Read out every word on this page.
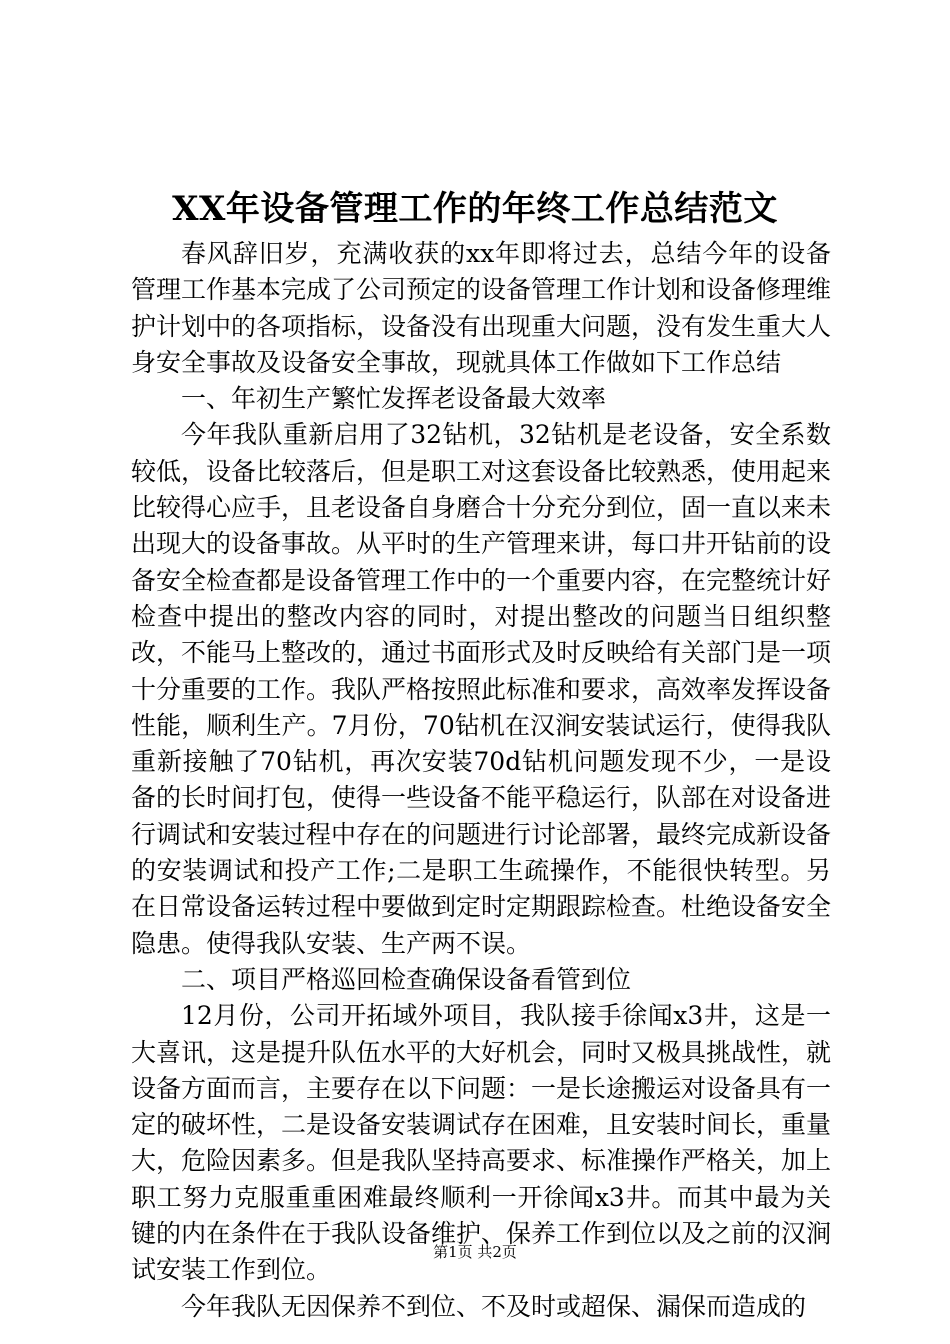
XX年设备管理工作的年终工作总结范文

春风辞旧岁，充满收获的xx年即将过去，总结今年的设备管理工作基本完成了公司预定的设备管理工作计划和设备修理维护计划中的各项指标，设备没有出现重大问题，没有发生重大人身安全事故及设备安全事故，现就具体工作做如下工作总结

一、年初生产繁忙发挥老设备最大效率

今年我队重新启用了32钻机，32钻机是老设备，安全系数较低，设备比较落后，但是职工对这套设备比较熟悉，使用起来比较得心应手，且老设备自身磨合十分充分到位，固一直以来未出现大的设备事故。从平时的生产管理来讲，每口井开钻前的设备安全检查都是设备管理工作中的一个重要内容，在完整统计好检查中提出的整改内容的同时，对提出整改的问题当日组织整改，不能马上整改的，通过书面形式及时反映给有关部门是一项十分重要的工作。我队严格按照此标准和要求，高效率发挥设备性能，顺利生产。7月份，70钻机在汉涧安装试运行，使得我队重新接触了70钻机，再次安装70d钻机问题发现不少，一是设备的长时间打包，使得一些设备不能平稳运行，队部在对设备进行调试和安装过程中存在的问题进行讨论部署，最终完成新设备的安装调试和投产工作;二是职工生疏操作，不能很快转型。另在日常设备运转过程中要做到定时定期跟踪检查。杜绝设备安全隐患。使得我队安装、生产两不误。

二、项目严格巡回检查确保设备看管到位

12月份，公司开拓域外项目，我队接手徐闻x3井，这是一大喜讯，这是提升队伍水平的大好机会，同时又极具挑战性，就设备方面而言，主要存在以下问题：一是长途搬运对设备具有一定的破坏性，二是设备安装调试存在困难，且安装时间长，重量大，危险因素多。但是我队坚持高要求、标准操作严格关，加上职工努力克服重重困难最终顺利一开徐闻x3井。而其中最为关键的内在条件在于我队设备维护、保养工作到位以及之前的汉涧试安装工作到位。

今年我队无因保养不到位、不及时或超保、漏保而造成的

第1页 共2页
